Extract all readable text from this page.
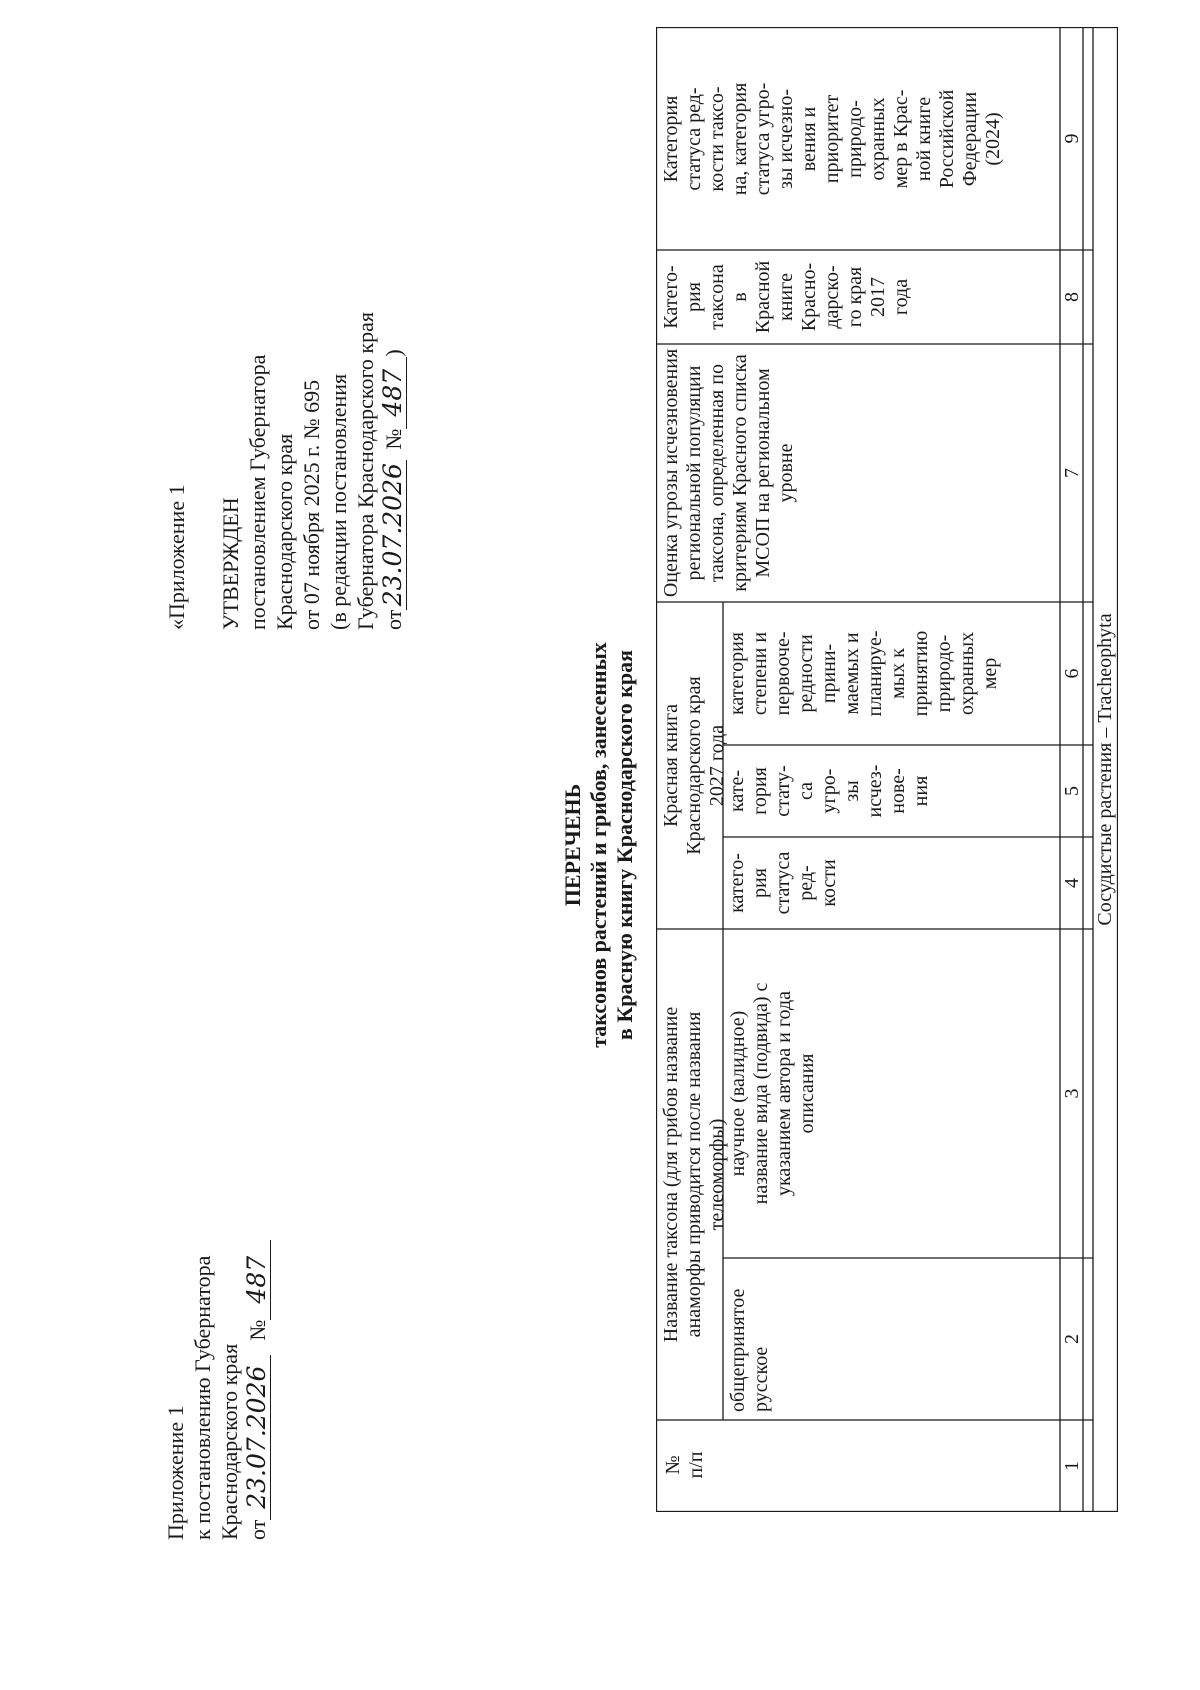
Приложение 1 к постановлению Губернатора Краснодарского края от23.07.2026№487
«Приложение 1 УТВЕРЖДЕН постановлением Губернатора Краснодарского края от 07 ноября 2025 г. № 695 (в редакции постановления Губернатора Краснодарского края от23.07.2026№487)
ПЕРЕЧЕНЬ таксонов растений и грибов, занесенных в Красную книгу Краснодарского края
№ п/п
Название таксона (для грибов название анаморфы приводится после названия телеоморфы)
общепринятое русское
научное (валидное) название вида (подвида) с указанием автора и года описания
Красная книга Краснодарского края 2027 года
катего- рия статуса ред- кости
кате- гория стату- са угро- зы исчез- нове- ния
категория степени и первооче- редности прини- маемых и планируе- мых к принятию природо- охранных мер
Оценка угрозы исчезновения региональной популяции таксона, определенная по критериям Красного списка МСОП на региональном уровне
Катего- рия таксона в Красной книге Красно- дарско- го края 2017 года
Категория статуса ред- кости таксо- на, категория статуса угро- зы исчезно- вения и приоритет природо- охранных мер в Крас- ной книге Российской Федерации (2024)
1
2
3
4
5
6
7
8
9
Сосудистые растения – Tracheophyta
